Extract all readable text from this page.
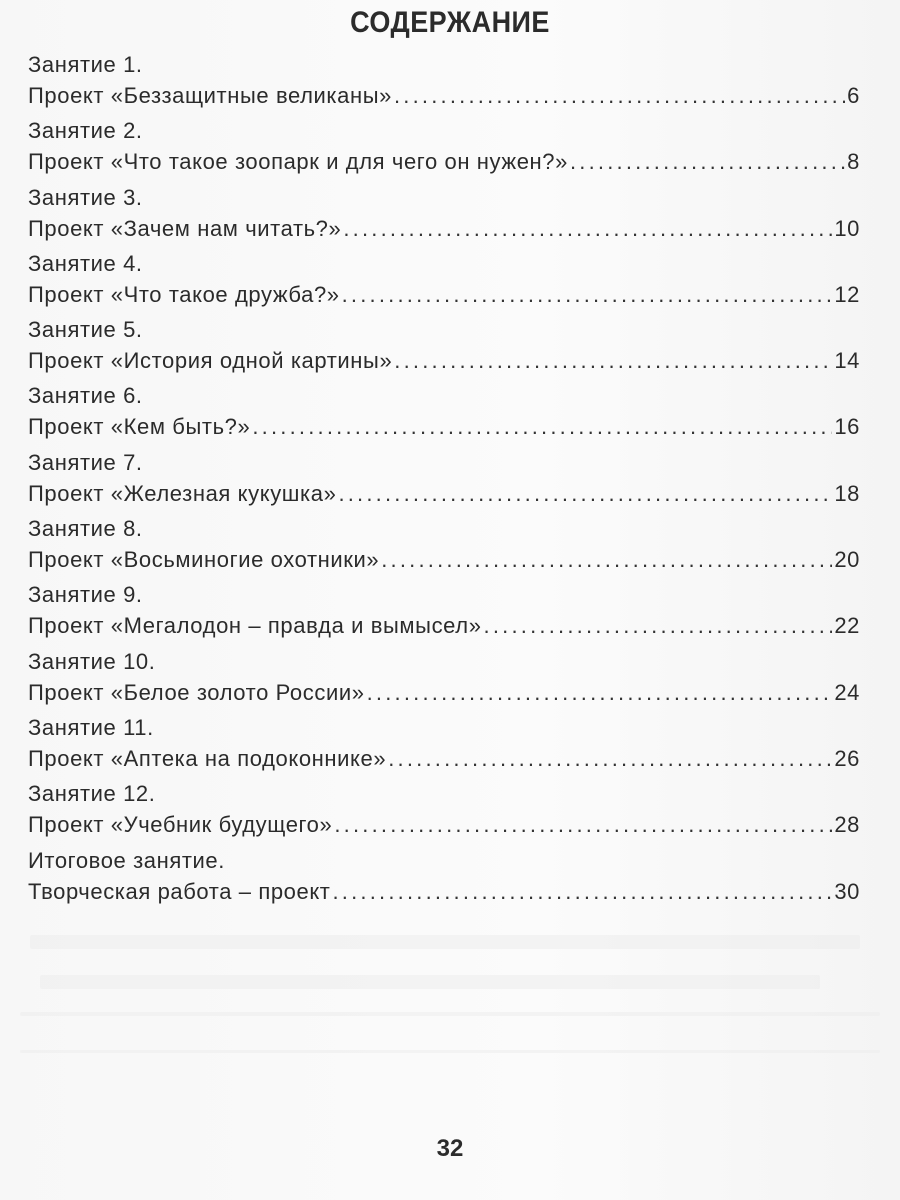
СОДЕРЖАНИЕ
Занятие 1.
Проект «Беззащитные великаны» .....	6
Занятие 2.
Проект «Что такое зоопарк и для чего он нужен?» .....	8
Занятие 3.
Проект «Зачем нам читать?» .....	10
Занятие 4.
Проект «Что такое дружба?» .....	12
Занятие 5.
Проект «История одной картины» .....	14
Занятие 6.
Проект «Кем быть?» .....	16
Занятие 7.
Проект «Железная кукушка» .....	18
Занятие 8.
Проект «Восьминогие охотники» .....	20
Занятие 9.
Проект «Мегалодон – правда и вымысел» .....	22
Занятие 10.
Проект «Белое золото России» .....	24
Занятие 11.
Проект «Аптека на подоконнике» .....	26
Занятие 12.
Проект «Учебник будущего» .....	28
Итоговое занятие.
Творческая работа – проект .....	30
32
